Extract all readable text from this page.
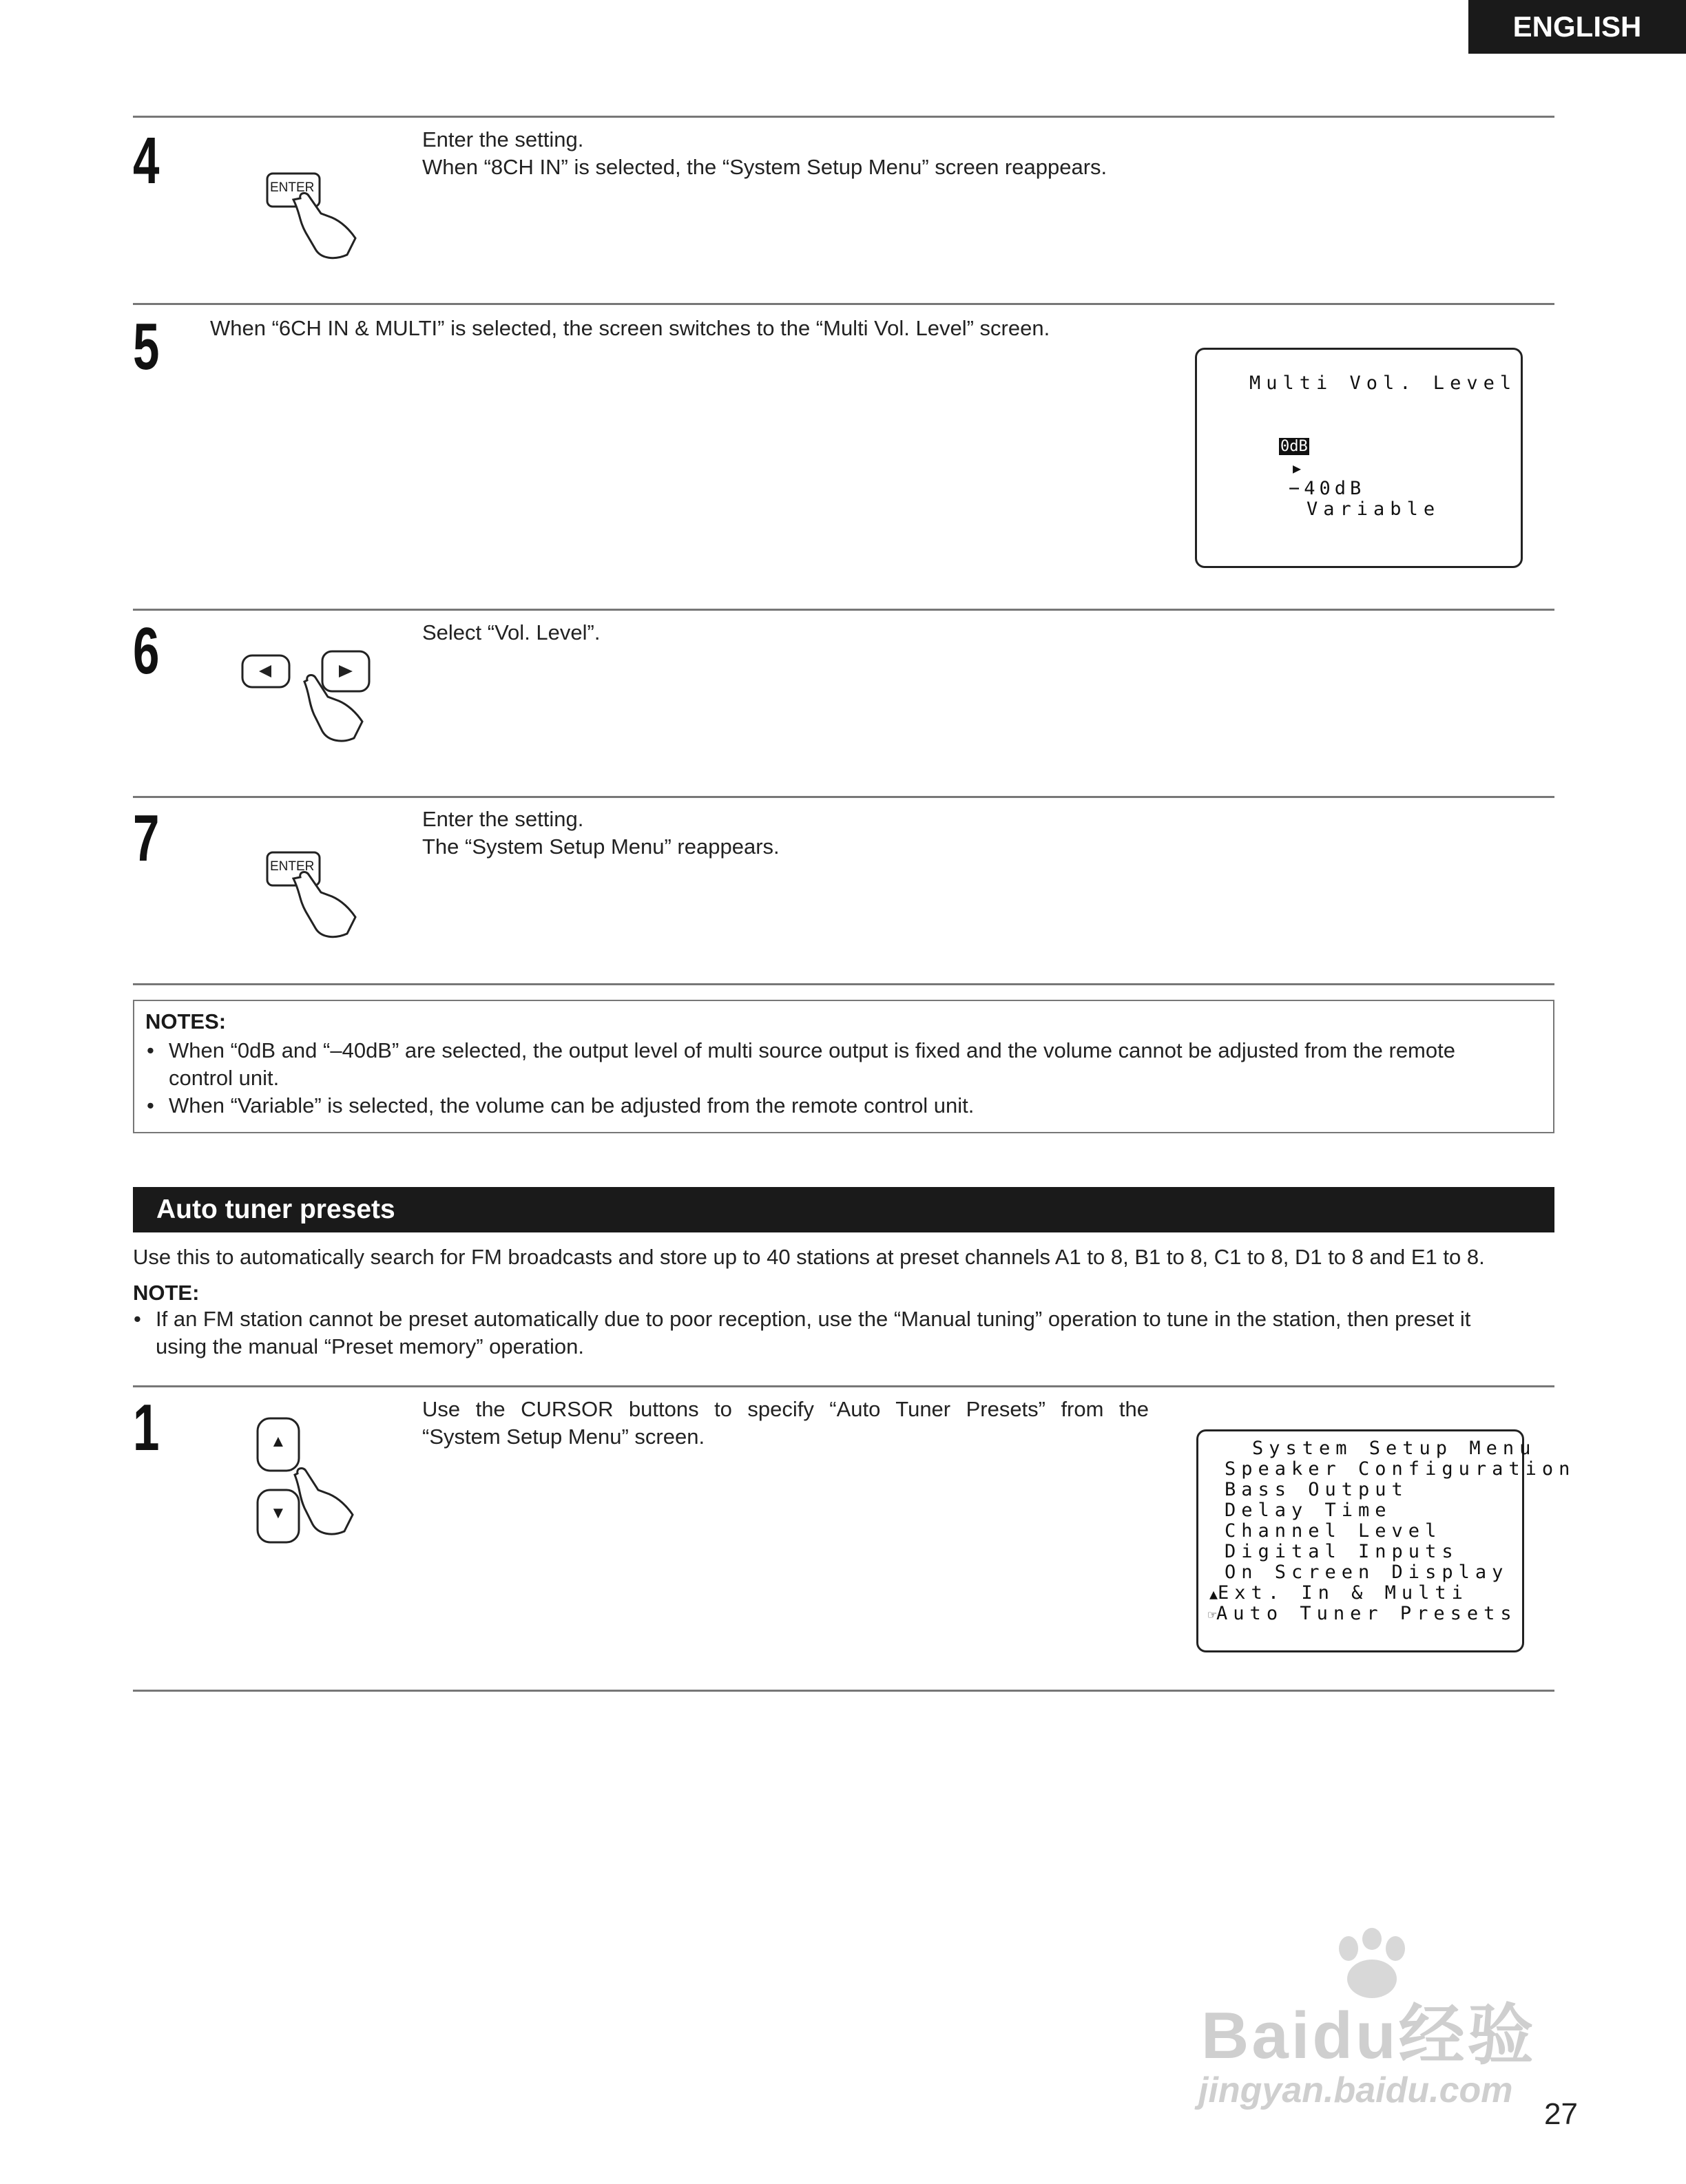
ENGLISH
4	ENTER
Enter the setting.
When “8CH IN” is selected, the “System Setup Menu” screen reappears.
5 When “6CH IN & MULTI” is selected, the screen switches to the “Multi Vol. Level” screen.
Multi Vol. Level

0dB
▶
−40dB
Variable

6	Select “Vol. Level”.
7	ENTER
Enter the setting.
The “System Setup Menu” reappears.
NOTES:
• When “0dB and “–40dB” are selected, the output level of multi source output is fixed and the volume cannot be adjusted from the remote
control unit.
• When “Variable” is selected, the volume can be adjusted from the remote control unit.
Auto tuner presets
Use this to automatically search for FM broadcasts and store up to 40 stations at preset channels A1 to 8, B1 to 8, C1 to 8, D1 to 8 and E1 to 8.
NOTE:
• If an FM station cannot be preset automatically due to poor reception, use the “Manual tuning” operation to tune in the station, then preset it
using the manual “Preset memory” operation.
1	▲
▼
Use the CURSOR buttons to specify “Auto Tuner Presets” from the
“System Setup Menu” screen.	System Setup Menu
Speaker Configuration
Bass Output
Delay Time
Channel Level
Digital Inputs
On Screen Display
▲Ext. In & Multi
☞Auto Tuner Presets
Baidu经验
jingyan.baidu.com
27
